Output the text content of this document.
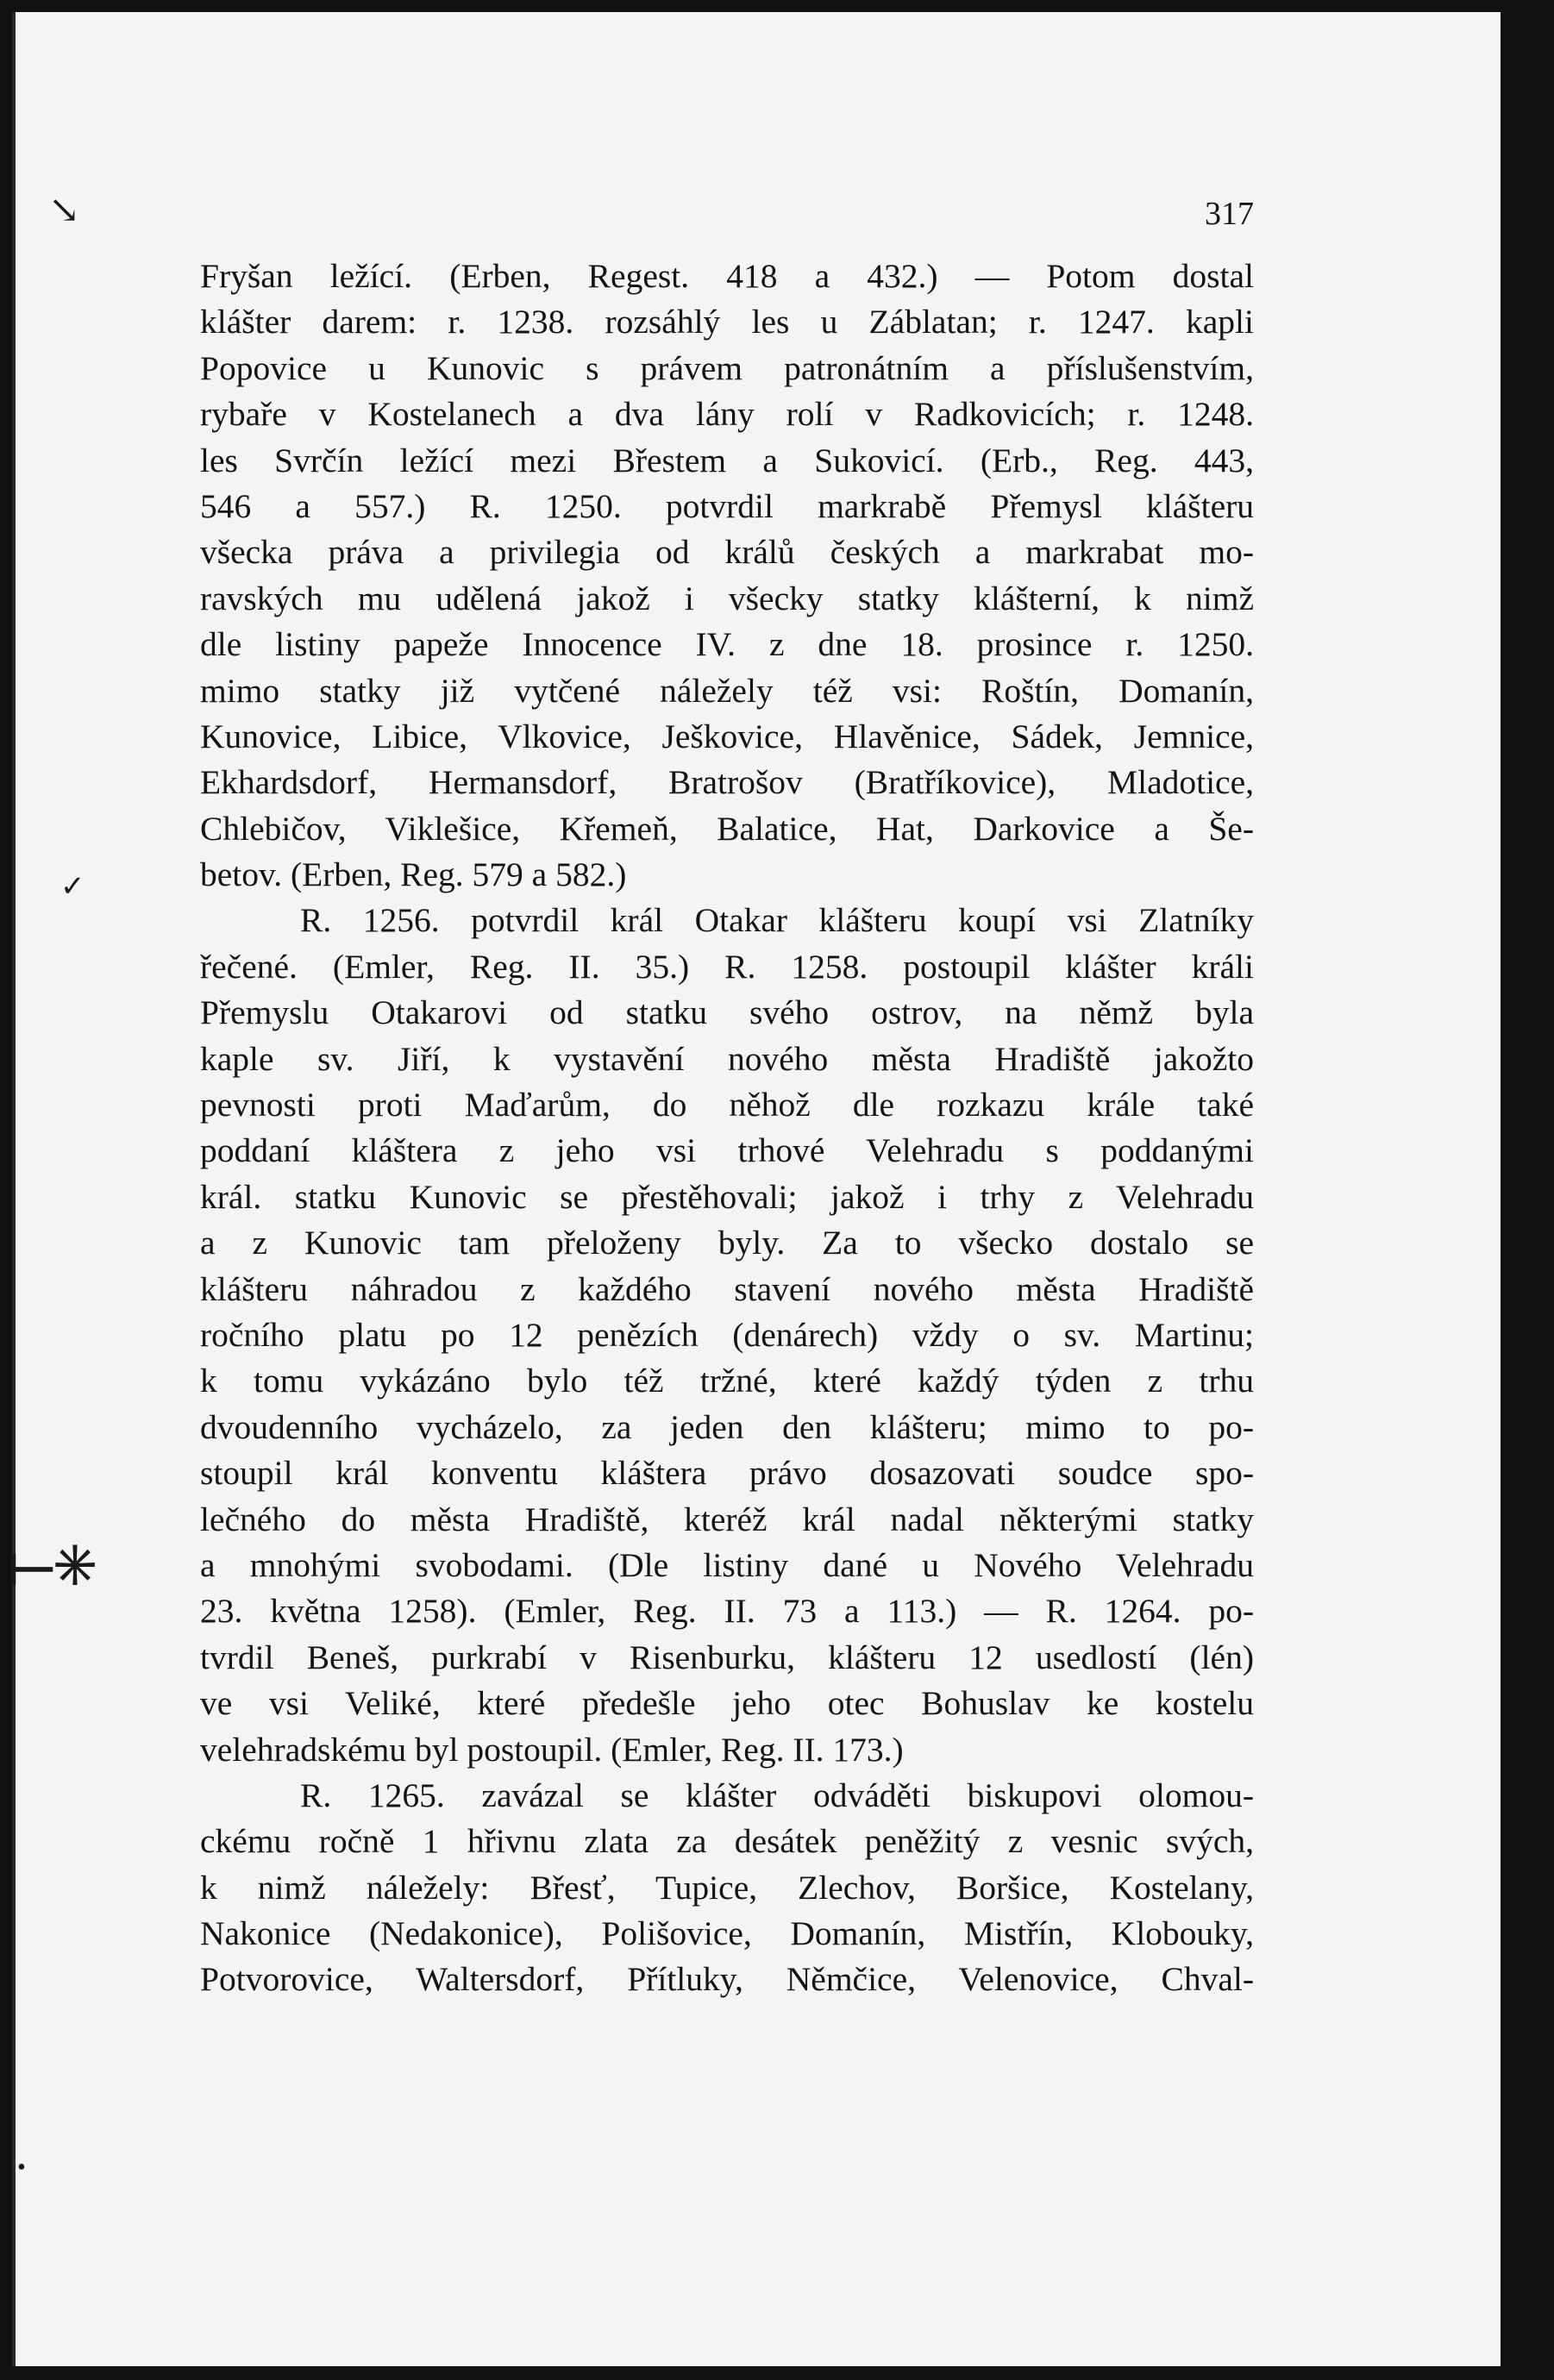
↘
✓
⟝✳
•
317
Fryšan ležící. (Erben, Regest. 418 a 432.) — Potom dostal
klášter darem: r. 1238. rozsáhlý les u Záblatan; r. 1247. kapli
Popovice u Kunovic s právem patronátním a příslušenstvím,
rybaře v Kostelanech a dva lány rolí v Radkovicích; r. 1248.
les Svrčín ležící mezi Břestem a Sukovicí. (Erb., Reg. 443,
546 a 557.) R. 1250. potvrdil markrabě Přemysl klášteru
všecka práva a privilegia od králů českých a markrabat mo-
ravských mu udělená jakož i všecky statky klášterní, k nimž
dle listiny papeže Innocence IV. z dne 18. prosince r. 1250.
mimo statky již vytčené náležely též vsi: Roštín, Domanín,
Kunovice, Libice, Vlkovice, Ješkovice, Hlavěnice, Sádek, Jemnice,
Ekhardsdorf, Hermansdorf, Bratrošov (Bratříkovice), Mladotice,
Chlebičov, Viklešice, Křemeň, Balatice, Hat, Darkovice a Še-
betov. (Erben, Reg. 579 a 582.)
R. 1256. potvrdil král Otakar klášteru koupí vsi Zlatníky
řečené. (Emler, Reg. II. 35.) R. 1258. postoupil klášter králi
Přemyslu Otakarovi od statku svého ostrov, na němž byla
kaple sv. Jiří, k vystavění nového města Hradiště jakožto
pevnosti proti Maďarům, do něhož dle rozkazu krále také
poddaní kláštera z jeho vsi trhové Velehradu s poddanými
král. statku Kunovic se přestěhovali; jakož i trhy z Velehradu
a z Kunovic tam přeloženy byly. Za to všecko dostalo se
klášteru náhradou z každého stavení nového města Hradiště
ročního platu po 12 penězích (denárech) vždy o sv. Martinu;
k tomu vykázáno bylo též tržné, které každý týden z trhu
dvoudenního vycházelo, za jeden den klášteru; mimo to po-
stoupil král konventu kláštera právo dosazovati soudce spo-
lečného do města Hradiště, kteréž král nadal některými statky
a mnohými svobodami. (Dle listiny dané u Nového Velehradu
23. května 1258). (Emler, Reg. II. 73 a 113.) — R. 1264. po-
tvrdil Beneš, purkrabí v Risenburku, klášteru 12 usedlostí (lén)
ve vsi Veliké, které předešle jeho otec Bohuslav ke kostelu
velehradskému byl postoupil. (Emler, Reg. II. 173.)
R. 1265. zavázal se klášter odváděti biskupovi olomou-
ckému ročně 1 hřivnu zlata za desátek peněžitý z vesnic svých,
k nimž náležely: Břesť, Tupice, Zlechov, Boršice, Kostelany,
Nakonice (Nedakonice), Polišovice, Domanín, Mistřín, Klobouky,
Potvorovice, Waltersdorf, Přítluky, Němčice, Velenovice, Chval-
